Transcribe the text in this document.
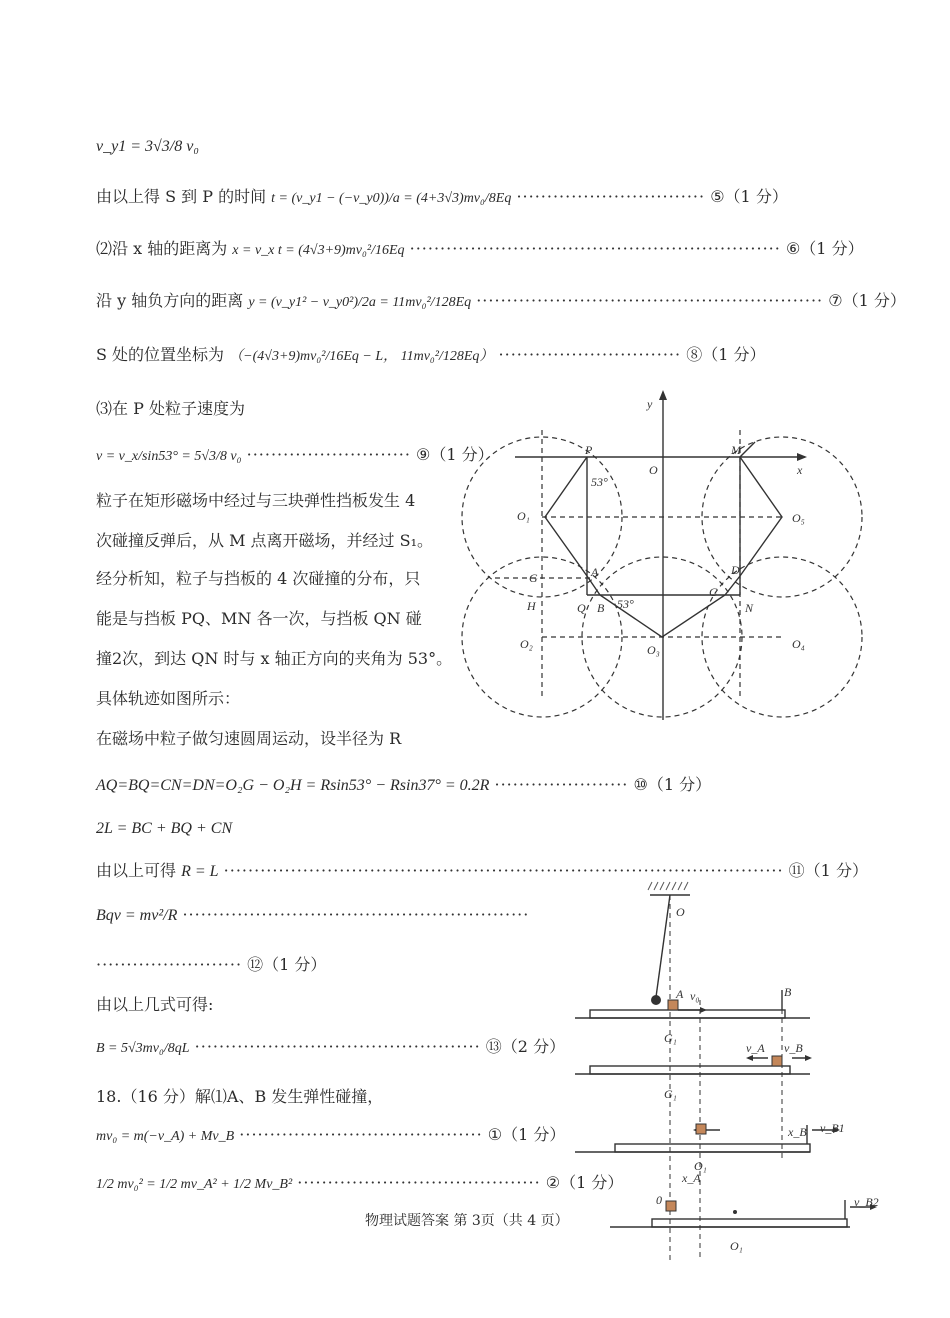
v_y1 = 3√3/8 v₀
由以上得 S 到 P 的时间 t = (v_y1 − (−v_y0))/a = (4+3√3)mv₀/8Eq ······························· ⑤（1 分）
⑵沿 x 轴的距离为 x = v_x t = (4√3+9)mv₀²/16Eq ····························································· ⑥（1 分）
沿 y 轴负方向的距离 y = (v_y1² − v_y0²)/2a = 11mv₀²/128Eq ························································· ⑦（1 分）
S 处的位置坐标为 （−(4√3+9)mv₀²/16Eq − L， 11mv₀²/128Eq） ······························ ⑧（1 分）
⑶在 P 处粒子速度为
v = v_x/sin53° = 5√3/8 v₀ ··························· ⑨（1 分）
粒子在矩形磁场中经过与三块弹性挡板发生 4
次碰撞反弹后，从 M 点离开磁场，并经过 S₁。
经分析知，粒子与挡板的 4 次碰撞的分布，只
能是与挡板 PQ、MN 各一次，与挡板 QN 碰
撞2次，到达 QN 时与 x 轴正方向的夹角为 53°。
具体轨迹如图所示：
在磁场中粒子做匀速圆周运动，设半径为 R
AQ=BQ=CN=DN=O₂G − O₂H = Rsin53° − Rsin37° = 0.2R ······················ ⑩（1 分）
2L = BC + BQ + CN
由以上可得 R = L ···························································································· ⑪（1 分）
Bqv = mv²/R ·························································
························ ⑫（1 分）
由以上几式可得:
B = 5√3mv₀/8qL ··············································· ⑬（2 分）
18.（16 分）解⑴A、B 发生弹性碰撞，
mv₀ = m(−v_A) + Mv_B ········································ ①（1 分）
1/2 mv₀² = 1/2 mv_A² + 1/2 Mv_B² ········································ ②（1 分）
物理试题答案 第 3页（共 4 页）
y
x
O
P	M
O₁	O₅
O₂	O₃	O₄
H
G
Q B	N
A
C
D
53°
53°
O
A	B
v₀
G₁
G₁
v_A v_B
v_B1
x_B
x_A
O₁
O₁
0	v_B2
